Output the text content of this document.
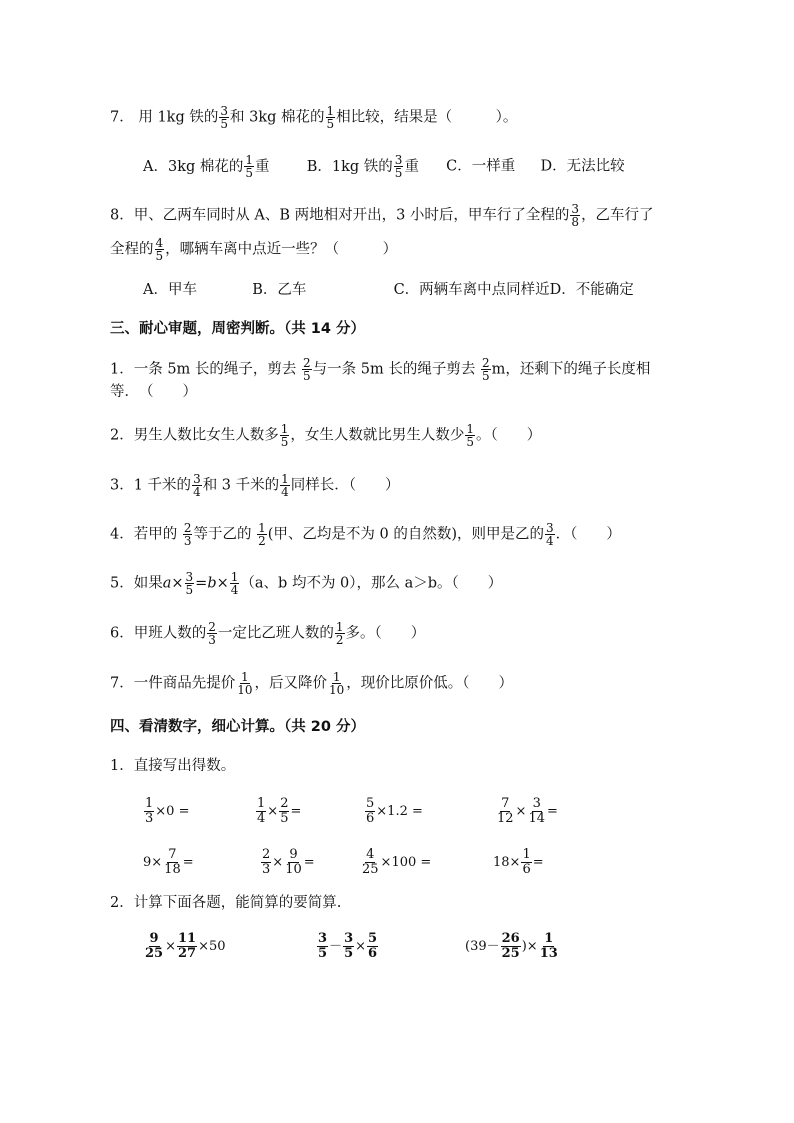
7． 用 1kg 铁的 $\frac{3}{5}$ 和 3kg 棉花的 $\frac{1}{5}$ 相比较，结果是（　　　）。
A．3kg 棉花的 $\frac{1}{5}$ 重	B．1kg 铁的 $\frac{3}{5}$ 重 C．一样重 D．无法比较
8．甲、乙两车同时从 A、B 两地相对开出，3 小时后，甲车行了全程的 $\frac{3}{8}$ ，乙车行了
全程的 $\frac{4}{5}$ ，哪辆车离中点近一些？（　　　）
A．甲车	B．乙车	C．两辆车离中点同样近D．不能确定
三、耐心审题，周密判断。（共 14 分）
1．一条 5m 长的绳子，剪去 $\frac{2}{5}$ 与一条 5m 长的绳子剪去 $\frac{2}{5}$ m，还剩下的绳子长度相
等．　（　　）
2．男生人数比女生人数多 $\frac{1}{5}$ ，女生人数就比男生人数少 $\frac{1}{5}$ 。（　　）
3．1 千米的 $\frac{3}{4}$ 和 3 千米的 $\frac{1}{4}$ 同样长．（　　）
4．若甲的 $\frac{2}{3}$ 等于乙的 $\frac{1}{2}$ (甲、乙均是不为 0 的自然数)，则甲是乙的 $\frac{3}{4}$ ．（　　）
5．如果$a\times \frac{3}{5} =b\times \frac{1}{4} (a$、b 均不为 0），那么 a＞b。（　　）
6．甲班人数的 $\frac{2}{3}$ 一定比乙班人数的 $\frac{1}{2}$ 多。（　　）
7．一件商品先提价 $\frac{1}{10}$ ，后又降价 $\frac{1}{10}$ ，现价比原价低。（　　）
四、看清数字，细心计算。（共 20 分）
1．直接写出得数。
$\frac{1}{3} \times 0$ =	$\frac{1}{4} \times \frac{2}{5}$ =	$\frac{5}{6} \times 1.2$ =	$\frac{7}{12} \times \frac{3}{14}$ =
$9\times \frac{7}{18}$ =	$\frac{2}{3} \times \frac{9}{10}$ =	$\frac{4}{25} \times 100$ =	$18\times \frac{1}{6}$ =
2．计算下面各题，能简算的要简算.
$\frac{9}{25} \times \frac{11}{27} \times 50$	$\frac{3}{5} - \frac{3}{5} \times \frac{5}{6}$	($39- \frac{26}{25}$ )× $\frac{1}{13}$
